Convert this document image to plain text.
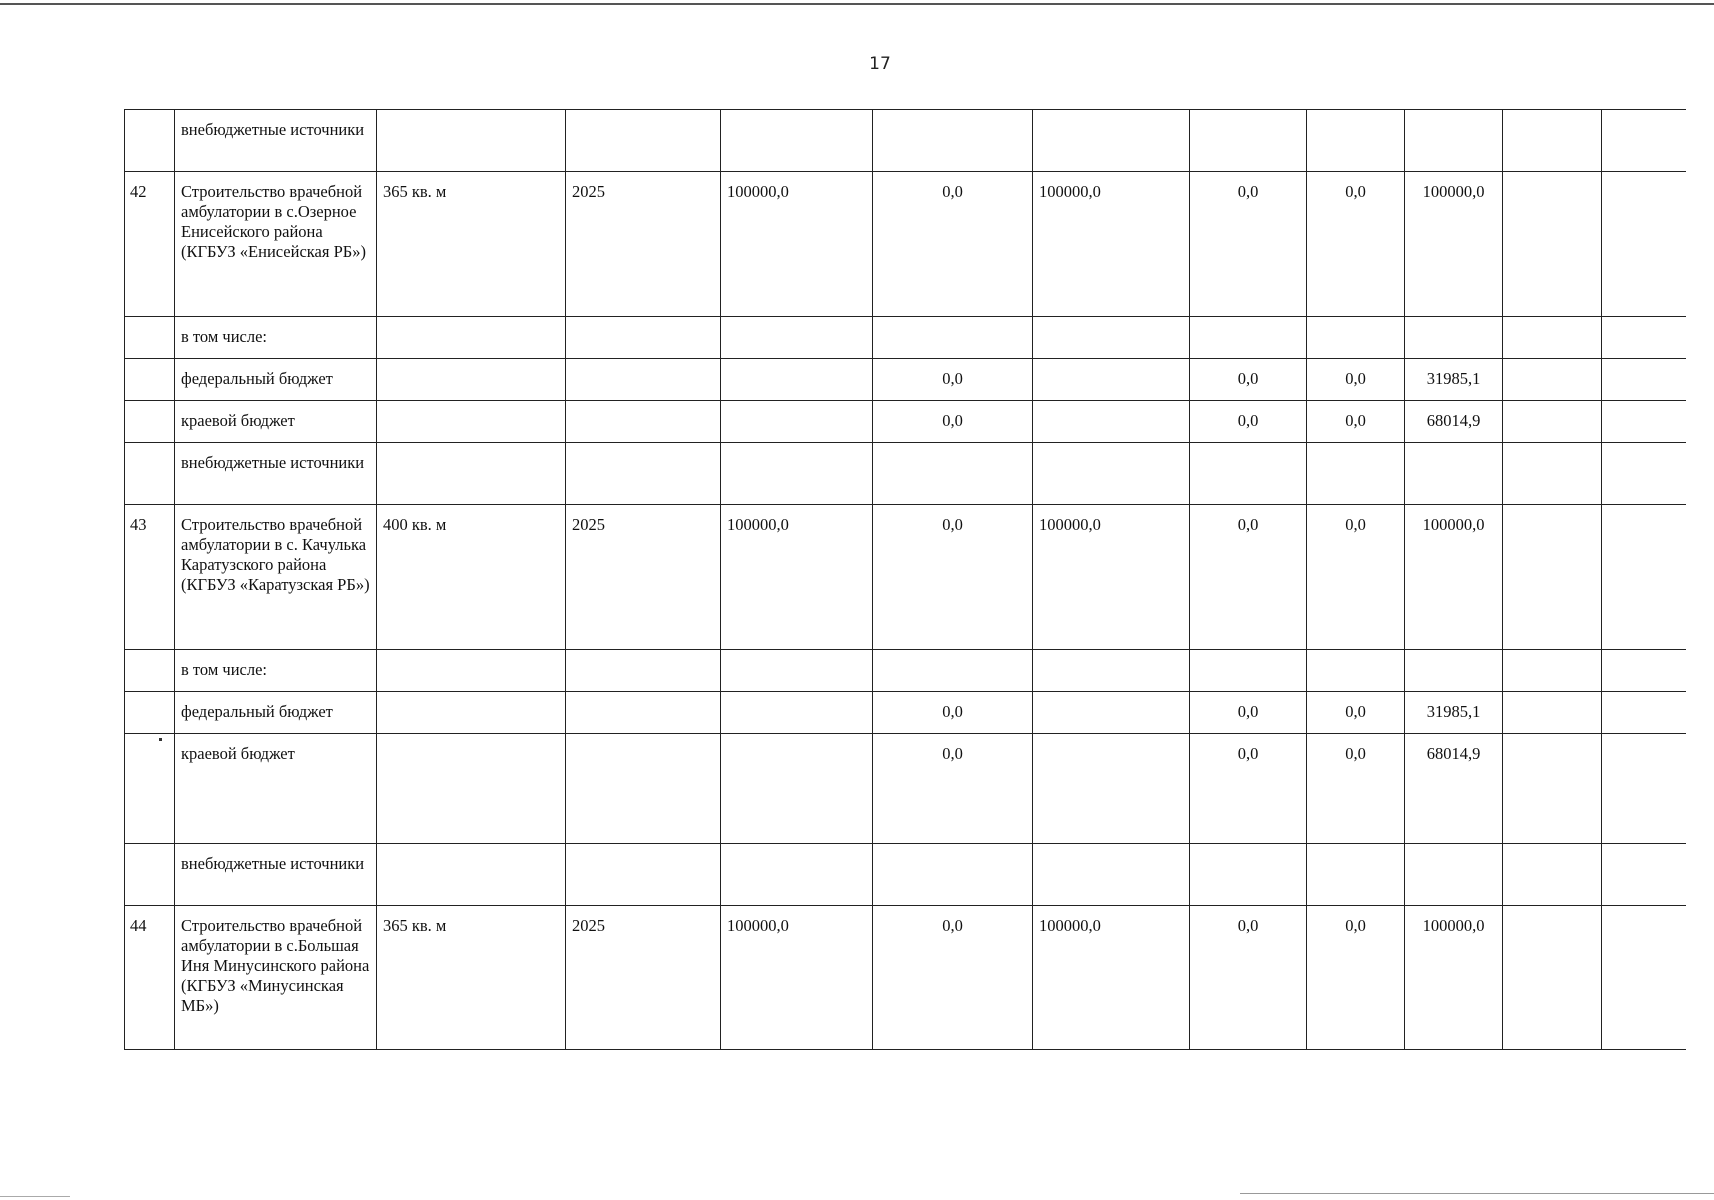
17
	внебюджетные источники										
42	Строительство врачебной амбулатории в с.Озерное Енисейского района (КГБУЗ «Енисейская РБ»)	365 кв. м	2025	100000,0	0,0	100000,0	0,0	0,0	100000,0		
	в том числе:										
	федеральный бюджет				0,0		0,0	0,0	31985,1		
	краевой бюджет				0,0		0,0	0,0	68014,9		
	внебюджетные источники										
43	Строительство врачебной амбулатории в с. Качулька Каратузского района (КГБУЗ «Каратузская РБ»)	400 кв. м	2025	100000,0	0,0	100000,0	0,0	0,0	100000,0		
	в том числе:										
	федеральный бюджет				0,0		0,0	0,0	31985,1		
	краевой бюджет				0,0		0,0	0,0	68014,9		
	внебюджетные источники										
44	Строительство врачебной амбулатории в с.Большая Иня Минусинского района (КГБУЗ «Минусинская МБ»)	365 кв. м	2025	100000,0	0,0	100000,0	0,0	0,0	100000,0		
